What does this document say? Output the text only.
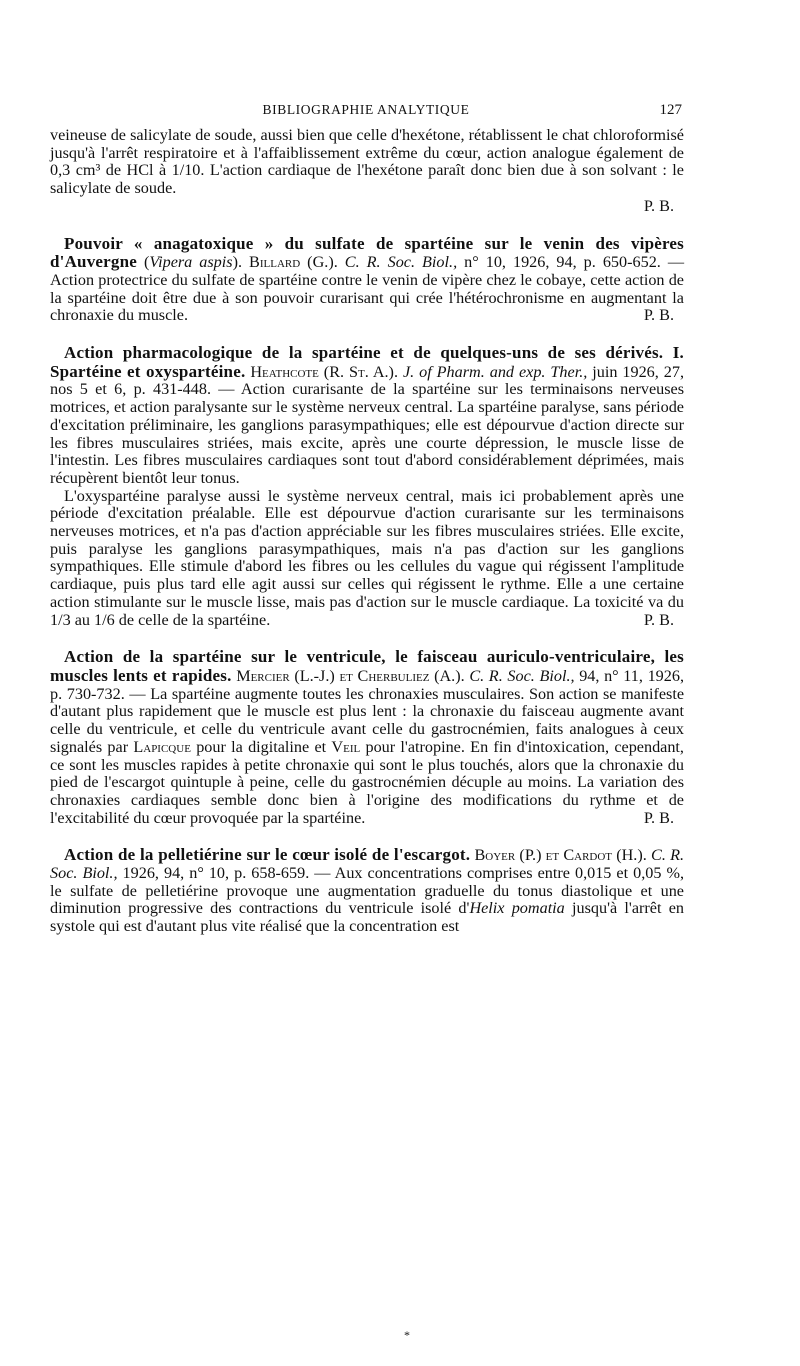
BIBLIOGRAPHIE ANALYTIQUE	127

veineuse de salicylate de soude, aussi bien que celle d'hexétone, rétablissent le chat chloroformisé jusqu'à l'arrêt respiratoire et à l'affaiblissement extrême du cœur, action analogue également de 0,3 cm³ de HCl à 1/10. L'action cardiaque de l'hexétone paraît donc bien due à son solvant : le salicylate de soude.

P. B.

Pouvoir « anagatoxique » du sulfate de spartéine sur le venin des vipères d'Auvergne (Vipera aspis). Billard (G.). C. R. Soc. Biol., n° 10, 1926, 94, p. 650-652. — Action protectrice du sulfate de spartéine contre le venin de vipère chez le cobaye, cette action de la spartéine doit être due à son pouvoir curarisant qui crée l'hétérochronisme en augmentant la chronaxie du muscle.	P. B.

Action pharmacologique de la spartéine et de quelques-uns de ses dérivés. I. Spartéine et oxyspartéine. Heathcote (R. St. A.). J. of Pharm. and exp. Ther., juin 1926, 27, nos 5 et 6, p. 431-448. — Action curarisante de la spartéine sur les terminaisons nerveuses motrices, et action paralysante sur le système nerveux central. La spartéine paralyse, sans période d'excitation préliminaire, les ganglions parasympathiques; elle est dépourvue d'action directe sur les fibres musculaires striées, mais excite, après une courte dépression, le muscle lisse de l'intestin. Les fibres musculaires cardiaques sont tout d'abord considérablement déprimées, mais récupèrent bientôt leur tonus.

L'oxyspartéine paralyse aussi le système nerveux central, mais ici probablement après une période d'excitation préalable. Elle est dépourvue d'action curarisante sur les terminaisons nerveuses motrices, et n'a pas d'action appréciable sur les fibres musculaires striées. Elle excite, puis paralyse les ganglions parasympathiques, mais n'a pas d'action sur les ganglions sympathiques. Elle stimule d'abord les fibres ou les cellules du vague qui régissent l'amplitude cardiaque, puis plus tard elle agit aussi sur celles qui régissent le rythme. Elle a une certaine action stimulante sur le muscle lisse, mais pas d'action sur le muscle cardiaque. La toxicité va du 1/3 au 1/6 de celle de la spartéine.	P. B.

Action de la spartéine sur le ventricule, le faisceau auriculo-ventriculaire, les muscles lents et rapides. Mercier (L.-J.) et Cherbuliez (A.). C. R. Soc. Biol., 94, n° 11, 1926, p. 730-732. — La spartéine augmente toutes les chronaxies musculaires. Son action se manifeste d'autant plus rapidement que le muscle est plus lent : la chronaxie du faisceau augmente avant celle du ventricule, et celle du ventricule avant celle du gastrocnémien, faits analogues à ceux signalés par Lapicque pour la digitaline et Veil pour l'atropine. En fin d'intoxication, cependant, ce sont les muscles rapides à petite chronaxie qui sont le plus touchés, alors que la chronaxie du pied de l'escargot quintuple à peine, celle du gastrocnémien décuple au moins. La variation des chronaxies cardiaques semble donc bien à l'origine des modifications du rythme et de l'excitabilité du cœur provoquée par la spartéine.	P. B.

Action de la pelletiérine sur le cœur isolé de l'escargot. Boyer (P.) et Cardot (H.). C. R. Soc. Biol., 1926, 94, n° 10, p. 658-659. — Aux concentrations comprises entre 0,015 et 0,05 %, le sulfate de pelletiérine provoque une augmentation graduelle du tonus diastolique et une diminution progressive des contractions du ventricule isolé d'Helix pomatia jusqu'à l'arrêt en systole qui est d'autant plus vite réalisé que la concentration est

*
